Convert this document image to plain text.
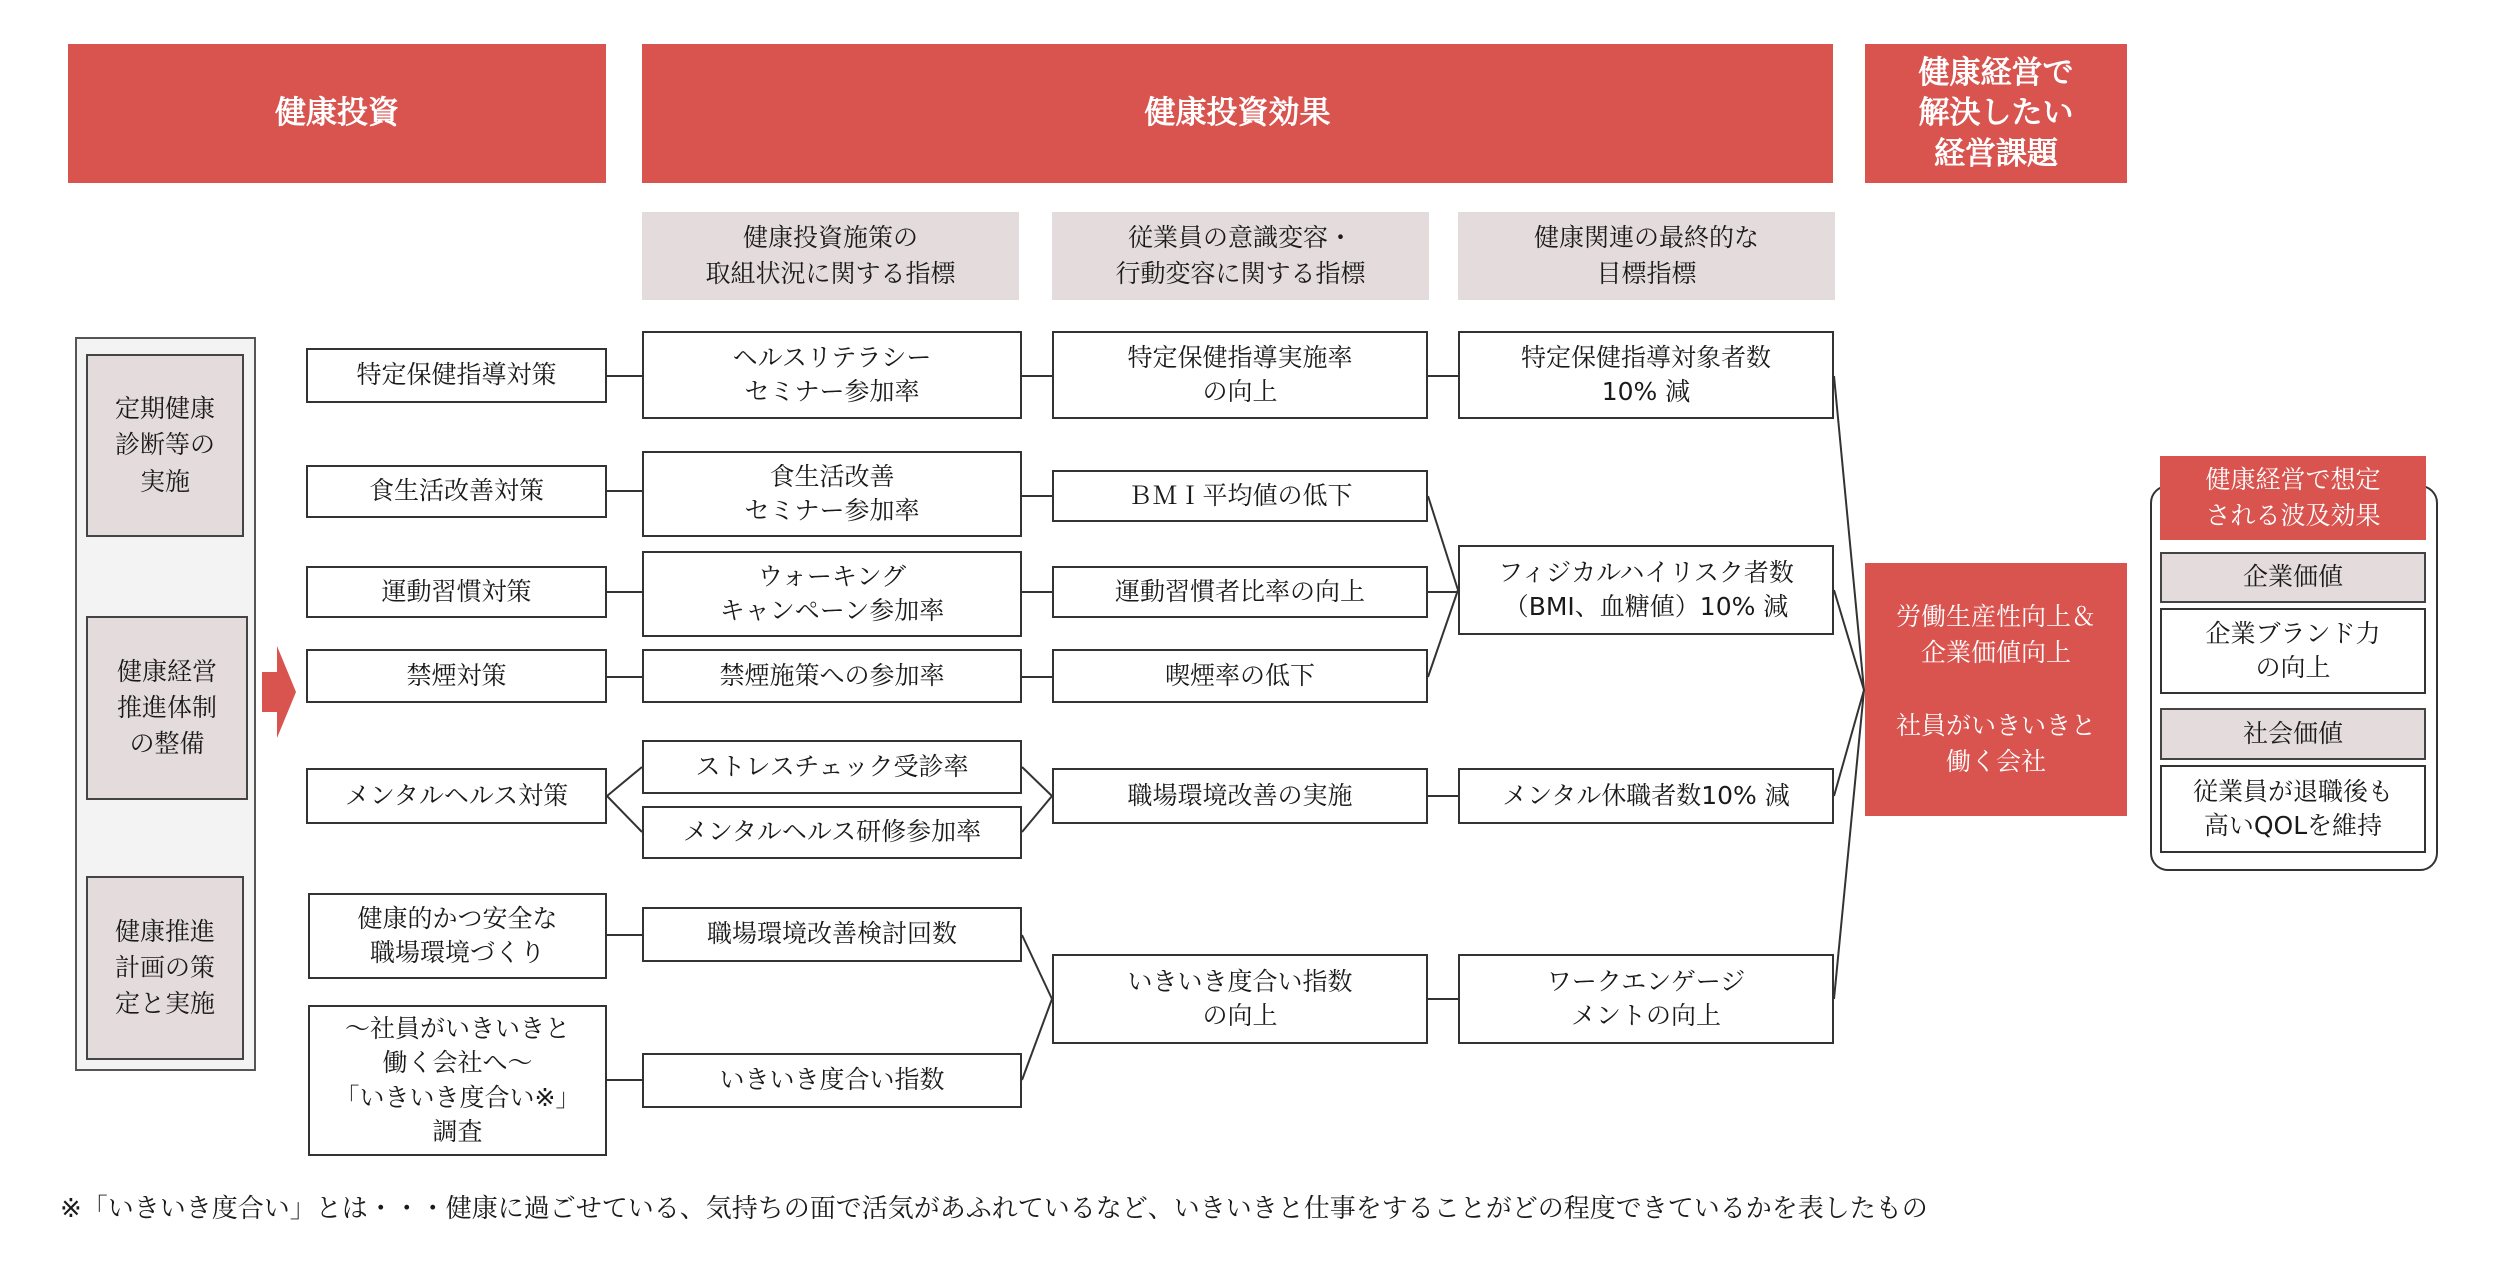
健康投資	健康投資効果
健康経営で
解決したい
経営課題
健康投資施策の
取組状況に関する指標
従業員の意識変容・
行動変容に関する指標
健康関連の最終的な
目標指標
定期健康
診断等の
実施
健康経営
推進体制
の整備
健康推進
計画の策
定と実施
特定保健指導対策
食生活改善対策
運動習慣対策
禁煙対策
メンタルヘルス対策
健康的かつ安全な
職場環境づくり
～社員がいきいきと
働く会社へ～
「いきいき度合い※」
調査
ヘルスリテラシー
セミナー参加率
食生活改善
セミナー参加率
ウォーキング
キャンペーン参加率
禁煙施策への参加率
ストレスチェック受診率
メンタルヘルス研修参加率
職場環境改善検討回数
いきいき度合い指数
特定保健指導実施率
の向上
ＢＭＩ平均値の低下
運動習慣者比率の向上
喫煙率の低下
職場環境改善の実施
いきいき度合い指数
の向上
特定保健指導対象者数
10% 減
フィジカルハイリスク者数
（BMI、血糖値）10% 減
メンタル休職者数10% 減
ワークエンゲージ
メントの向上
労働生産性向上＆
企業価値向上

社員がいきいきと
働く会社
健康経営で想定
される波及効果
企業価値
企業ブランド力
の向上
社会価値
従業員が退職後も
高いQOLを維持
※「いきいき度合い」とは・・・健康に過ごせている、気持ちの面で活気があふれているなど、いきいきと仕事をすることがどの程度できているかを表したもの
